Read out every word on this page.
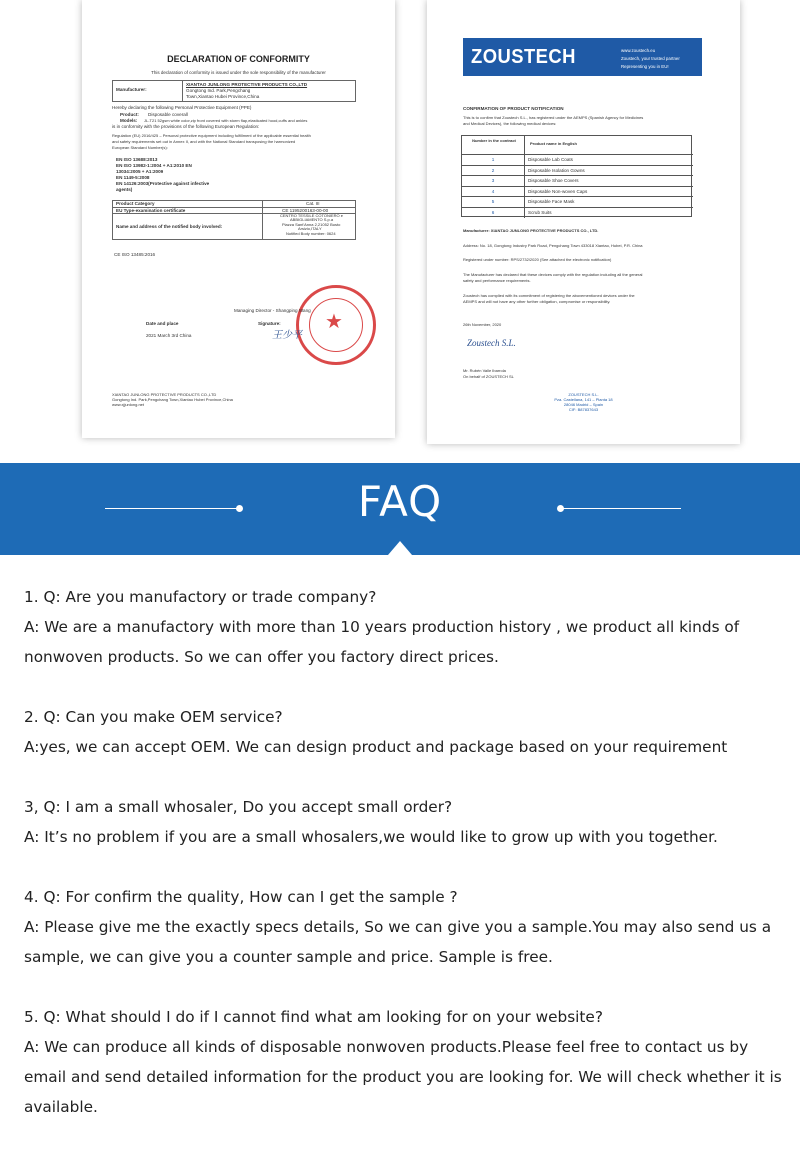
DECLARATION OF CONFORMITY
This declaration of conformity is issued under the sole responsibility of the manufacturer
Manufacturer:
XIANTAO JUNLONG PROTECTIVE PRODUCTS CO.,LTD
Gongtong Ind. Park,Pengchang
Town,Xiantao Hubei Province,China
Hereby declaring the following Personal Protective Equipment (PPE)
Product: Disposable coverall
Models: JL-T21 52gsm white color,zip front covered with storm flap,elasticated hood,cuffs and ankles
is in conformity with the provisions of the following European Regulation:
Regulation (EU) 2016/425 – Personal protective equipment including fulfillment of the applicable essential health
and safety requirements set out in Annex II, and with the National Standard transposing the harmonized
European Standard Number(s):
EN ISO 13688:2013
EN ISO 13982-1:2004 + A1:2010 EN
13034:2005 + A1:2009
EN 1149-5:2008
EN 14126:2003(Protective against infective
agents)
Product Category	Cat. III
EU Type-examination certificate	CE 1195200163-00-00
Name and address of the notified body involved:
CENTRO TESSILE COTONIERO e
ABBIGLIAMENTO S.p.a
Piazza Sant'Anna 2,21052 Busto
Arsizio,ITALY
Notified Body number: 0624
CE ISO 13485:2016
★
Managing Director - Shangping Wang
Date and place	Signature:
王少平
2021 March 3rd China
XIANTAO JUNLONG PROTECTIVE PRODUCTS CO.,LTD
Gongtong Ind. Park,Pengchang Town,Xiantao Hubei Province,China
www.xjjunlong.net
ZOUSTECH	www.zoustech.eu
Zoustech, your trusted partner
Representing you in EU!
CONFIRMATION OF PRODUCT NOTIFICATION
This is to confirm that Zoustech S.L., has registered under the AEMPS (Spanish Agency for Medicines
and Medical Devices), the following medical devices:
Number in the contract
Product name in English
1	Disposable Lab Coats
2	Disposable Isolation Gowns
3	Disposable Shoe Covers
4	Disposable Non-woven Caps
5	Disposable Face Mask
6	Scrub Suits
Manufacturer: XIANTAO JUNLONG PROTECTIVE PRODUCTS CO., LTD.
Address: No. 18, Gongtong Industry Park Road, Pengchang Town 433018 Xiantao, Hubei, P.R. China
Registered under number: RPS/2732/2020 (See attached the electronic notification)
The Manufacturer has declared that these devices comply with the regulation including all the general
safety and performance requirements.
Zoustech has complied with its commitment of registering the abovementioned devices under the
AEMPS and will not have any other further obligation, compromise or responsibility.
26th November, 2020
Zoustech S.L.
Mr. Rubén Valle Ibarrola
On behalf of ZOUSTECH SL
ZOUSTECH S.L.
Pza. Castellana, 141 – Planta 18
28046 Madrid – Spain
CIF: B87837643
FAQ

1. Q: Are you manufactory or trade company?

A: We are a manufactory with more than 10 years production history , we product all kinds of nonwoven products. So we can offer you factory direct prices.

2. Q: Can you make OEM service?

A:yes, we can accept OEM. We can design product and package based on your requirement

3, Q: I am a small whosaler, Do you accept small order?

A: It’s no problem if you are a small whosalers,we would like to grow up with you together.

4. Q: For confirm the quality, How can I get the sample ?

A: Please give me the exactly specs details, So we can give you a sample.You may also send us a sample, we can give you a counter sample and price. Sample is free.

5. Q: What should I do if I cannot find what am looking for on your website?

A: We can produce all kinds of disposable nonwoven products.Please feel free to contact us by email and send detailed information for the product you are looking for. We will check whether it is available.
